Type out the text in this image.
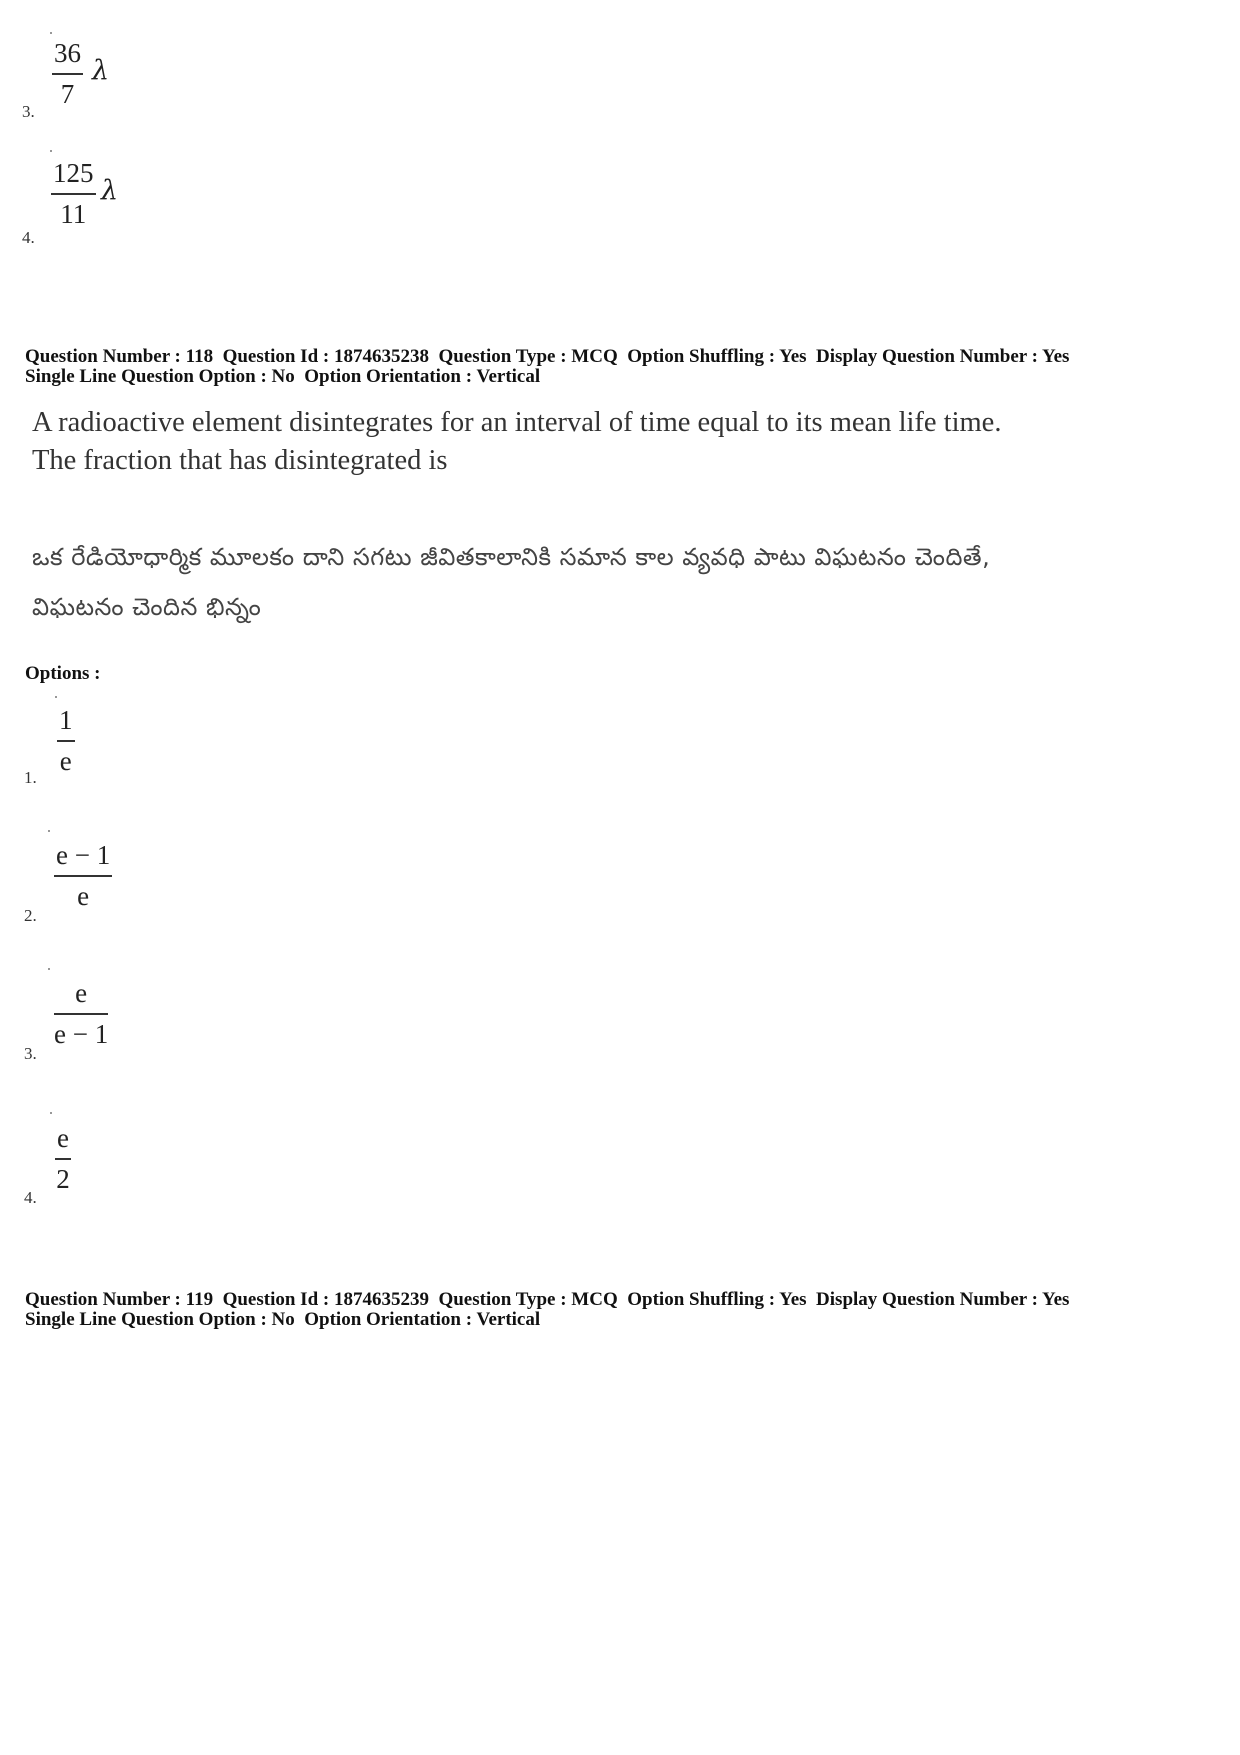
36
7
λ
3.
125
11
λ
4.
Question Number : 118  Question Id : 1874635238  Question Type : MCQ  Option Shuffling : Yes  Display Question Number : Yes
Single Line Question Option : No  Option Orientation : Vertical
A radioactive element disintegrates for an interval of time equal to its mean life time.
The fraction that has disintegrated is
ఒక రేడియోధార్మిక మూలకం దాని సగటు జీవితకాలానికి సమాన కాల వ్యవధి పాటు విఘటనం చెందితే,
విఘటనం చెందిన భిన్నం
Options :
1
e
1.
e − 1
e
2.
e
e − 1
3.
e
2
4.
Question Number : 119  Question Id : 1874635239  Question Type : MCQ  Option Shuffling : Yes  Display Question Number : Yes
Single Line Question Option : No  Option Orientation : Vertical
